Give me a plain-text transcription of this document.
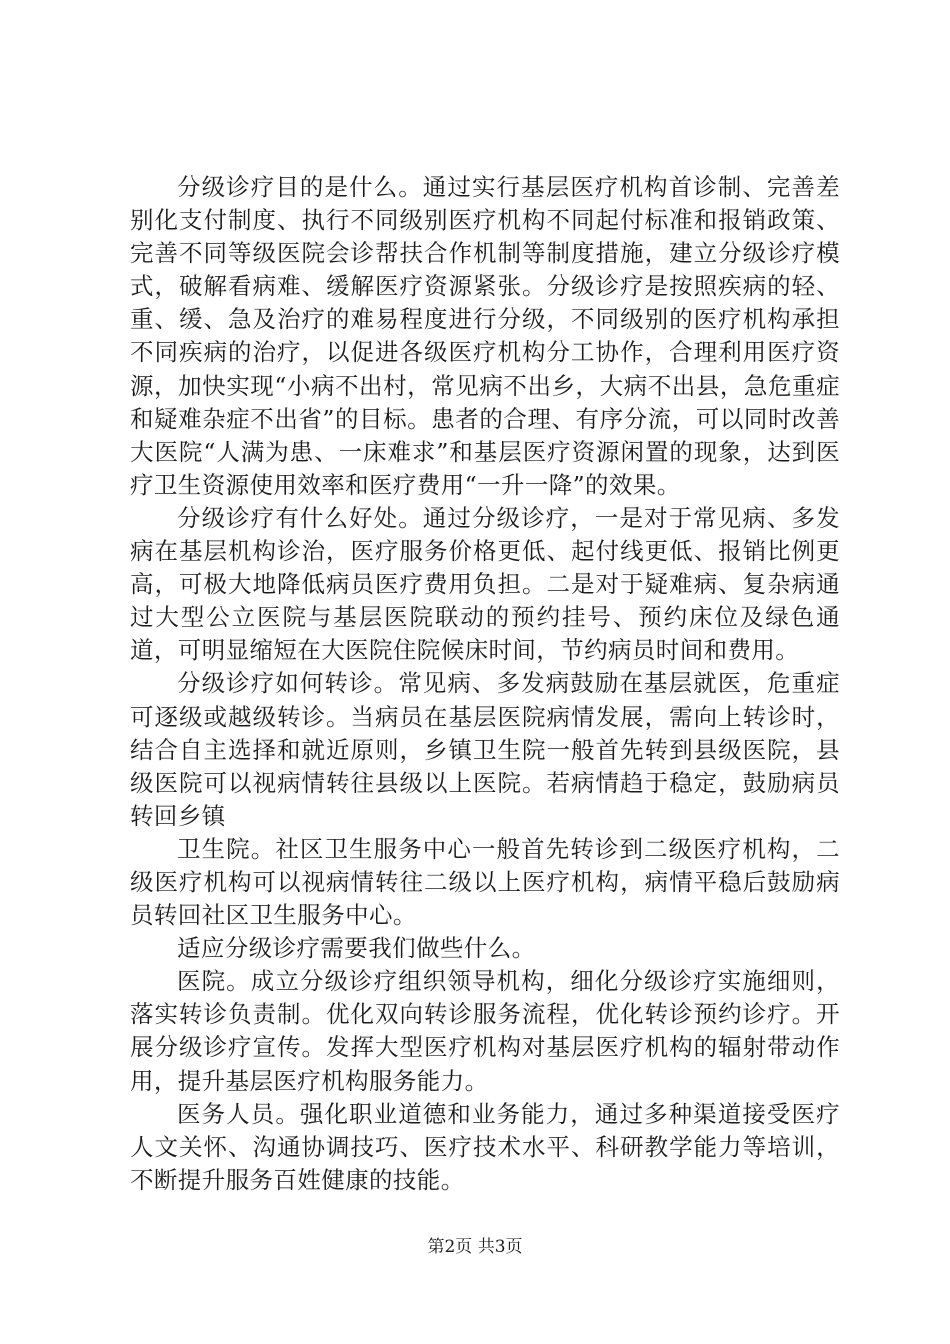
分级诊疗目的是什么。通过实行基层医疗机构首诊制、完善差别化支付制度、执行不同级别医疗机构不同起付标准和报销政策、完善不同等级医院会诊帮扶合作机制等制度措施，建立分级诊疗模式，破解看病难、缓解医疗资源紧张。分级诊疗是按照疾病的轻、重、缓、急及治疗的难易程度进行分级，不同级别的医疗机构承担不同疾病的治疗，以促进各级医疗机构分工协作，合理利用医疗资源，加快实现“小病不出村，常见病不出乡，大病不出县，急危重症和疑难杂症不出省”的目标。患者的合理、有序分流，可以同时改善大医院“人满为患、一床难求”和基层医疗资源闲置的现象，达到医疗卫生资源使用效率和医疗费用“一升一降”的效果。

分级诊疗有什么好处。通过分级诊疗，一是对于常见病、多发病在基层机构诊治，医疗服务价格更低、起付线更低、报销比例更高，可极大地降低病员医疗费用负担。二是对于疑难病、复杂病通过大型公立医院与基层医院联动的预约挂号、预约床位及绿色通道，可明显缩短在大医院住院候床时间，节约病员时间和费用。

分级诊疗如何转诊。常见病、多发病鼓励在基层就医，危重症可逐级或越级转诊。当病员在基层医院病情发展，需向上转诊时，结合自主选择和就近原则，乡镇卫生院一般首先转到县级医院，县级医院可以视病情转往县级以上医院。若病情趋于稳定，鼓励病员转回乡镇

卫生院。社区卫生服务中心一般首先转诊到二级医疗机构，二级医疗机构可以视病情转往二级以上医疗机构，病情平稳后鼓励病员转回社区卫生服务中心。

适应分级诊疗需要我们做些什么。

医院。成立分级诊疗组织领导机构，细化分级诊疗实施细则，落实转诊负责制。优化双向转诊服务流程，优化转诊预约诊疗。开展分级诊疗宣传。发挥大型医疗机构对基层医疗机构的辐射带动作用，提升基层医疗机构服务能力。

医务人员。强化职业道德和业务能力，通过多种渠道接受医疗人文关怀、沟通协调技巧、医疗技术水平、科研教学能力等培训，不断提升服务百姓健康的技能。

第2页 共3页
